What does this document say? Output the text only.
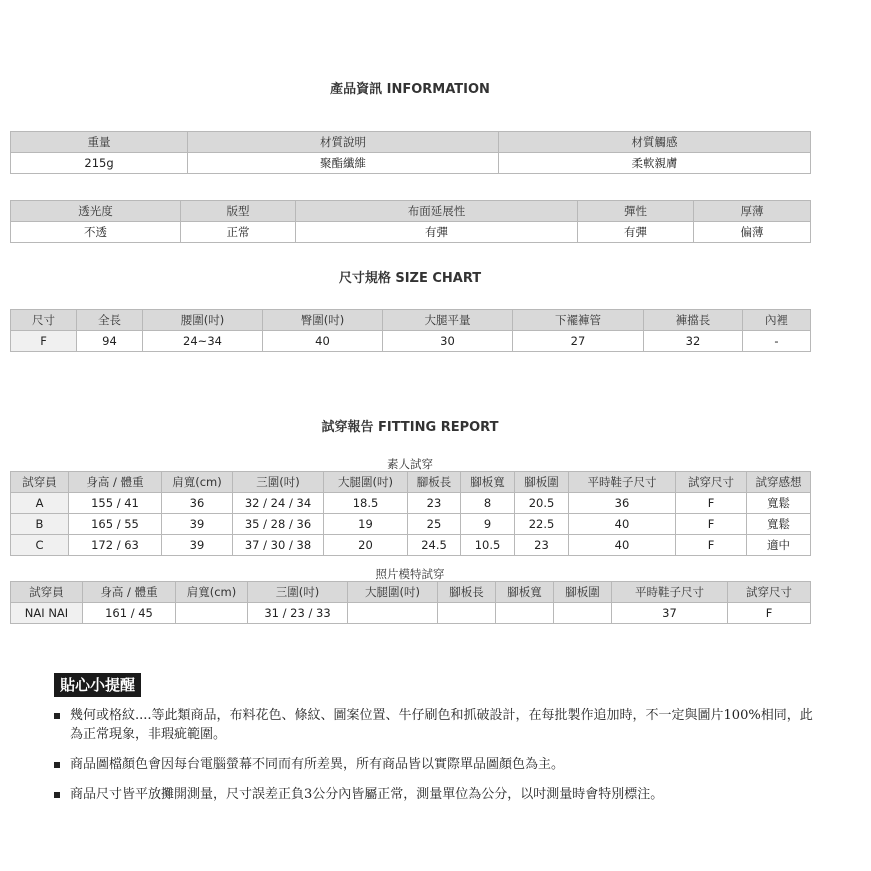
產品資訊 INFORMATION
重量	材質說明	材質觸感
215g	聚酯纖維	柔軟親膚
透光度	版型	布面延展性	彈性	厚薄
不透	正常	有彈	有彈	偏薄
尺寸規格 SIZE CHART
尺寸	全長	腰圍(吋)	臀圍(吋)	大腿平量	下襬褲管	褲擋長	內裡
F	94	24~34	40	30	27	32	-
試穿報告 FITTING REPORT
素人試穿
試穿員	身高 / 體重	肩寬(cm)	三圍(吋)	大腿圍(吋)	腳板長	腳板寬	腳板圍	平時鞋子尺寸	試穿尺寸	試穿感想
A	155 / 41	36	32 / 24 / 34	18.5	23	8	20.5	36	F	寬鬆
B	165 / 55	39	35 / 28 / 36	19	25	9	22.5	40	F	寬鬆
C	172 / 63	39	37 / 30 / 38	20	24.5	10.5	23	40	F	適中
照片模特試穿
試穿員	身高 / 體重	肩寬(cm)	三圍(吋)	大腿圍(吋)	腳板長	腳板寬	腳板圍	平時鞋子尺寸	試穿尺寸
NAI NAI	161 / 45		31 / 23 / 33					37	F
貼心小提醒
幾何或格紋....等此類商品，布料花色、條紋、圖案位置、牛仔刷色和抓破設計，在每批製作追加時，不一定與圖片100%相同，此為正常現象，非瑕疵範圍。
商品圖檔顏色會因每台電腦螢幕不同而有所差異，所有商品皆以實際單品圖顏色為主。
商品尺寸皆平放攤開測量，尺寸誤差正負3公分內皆屬正常，測量單位為公分，以吋測量時會特別標注。
